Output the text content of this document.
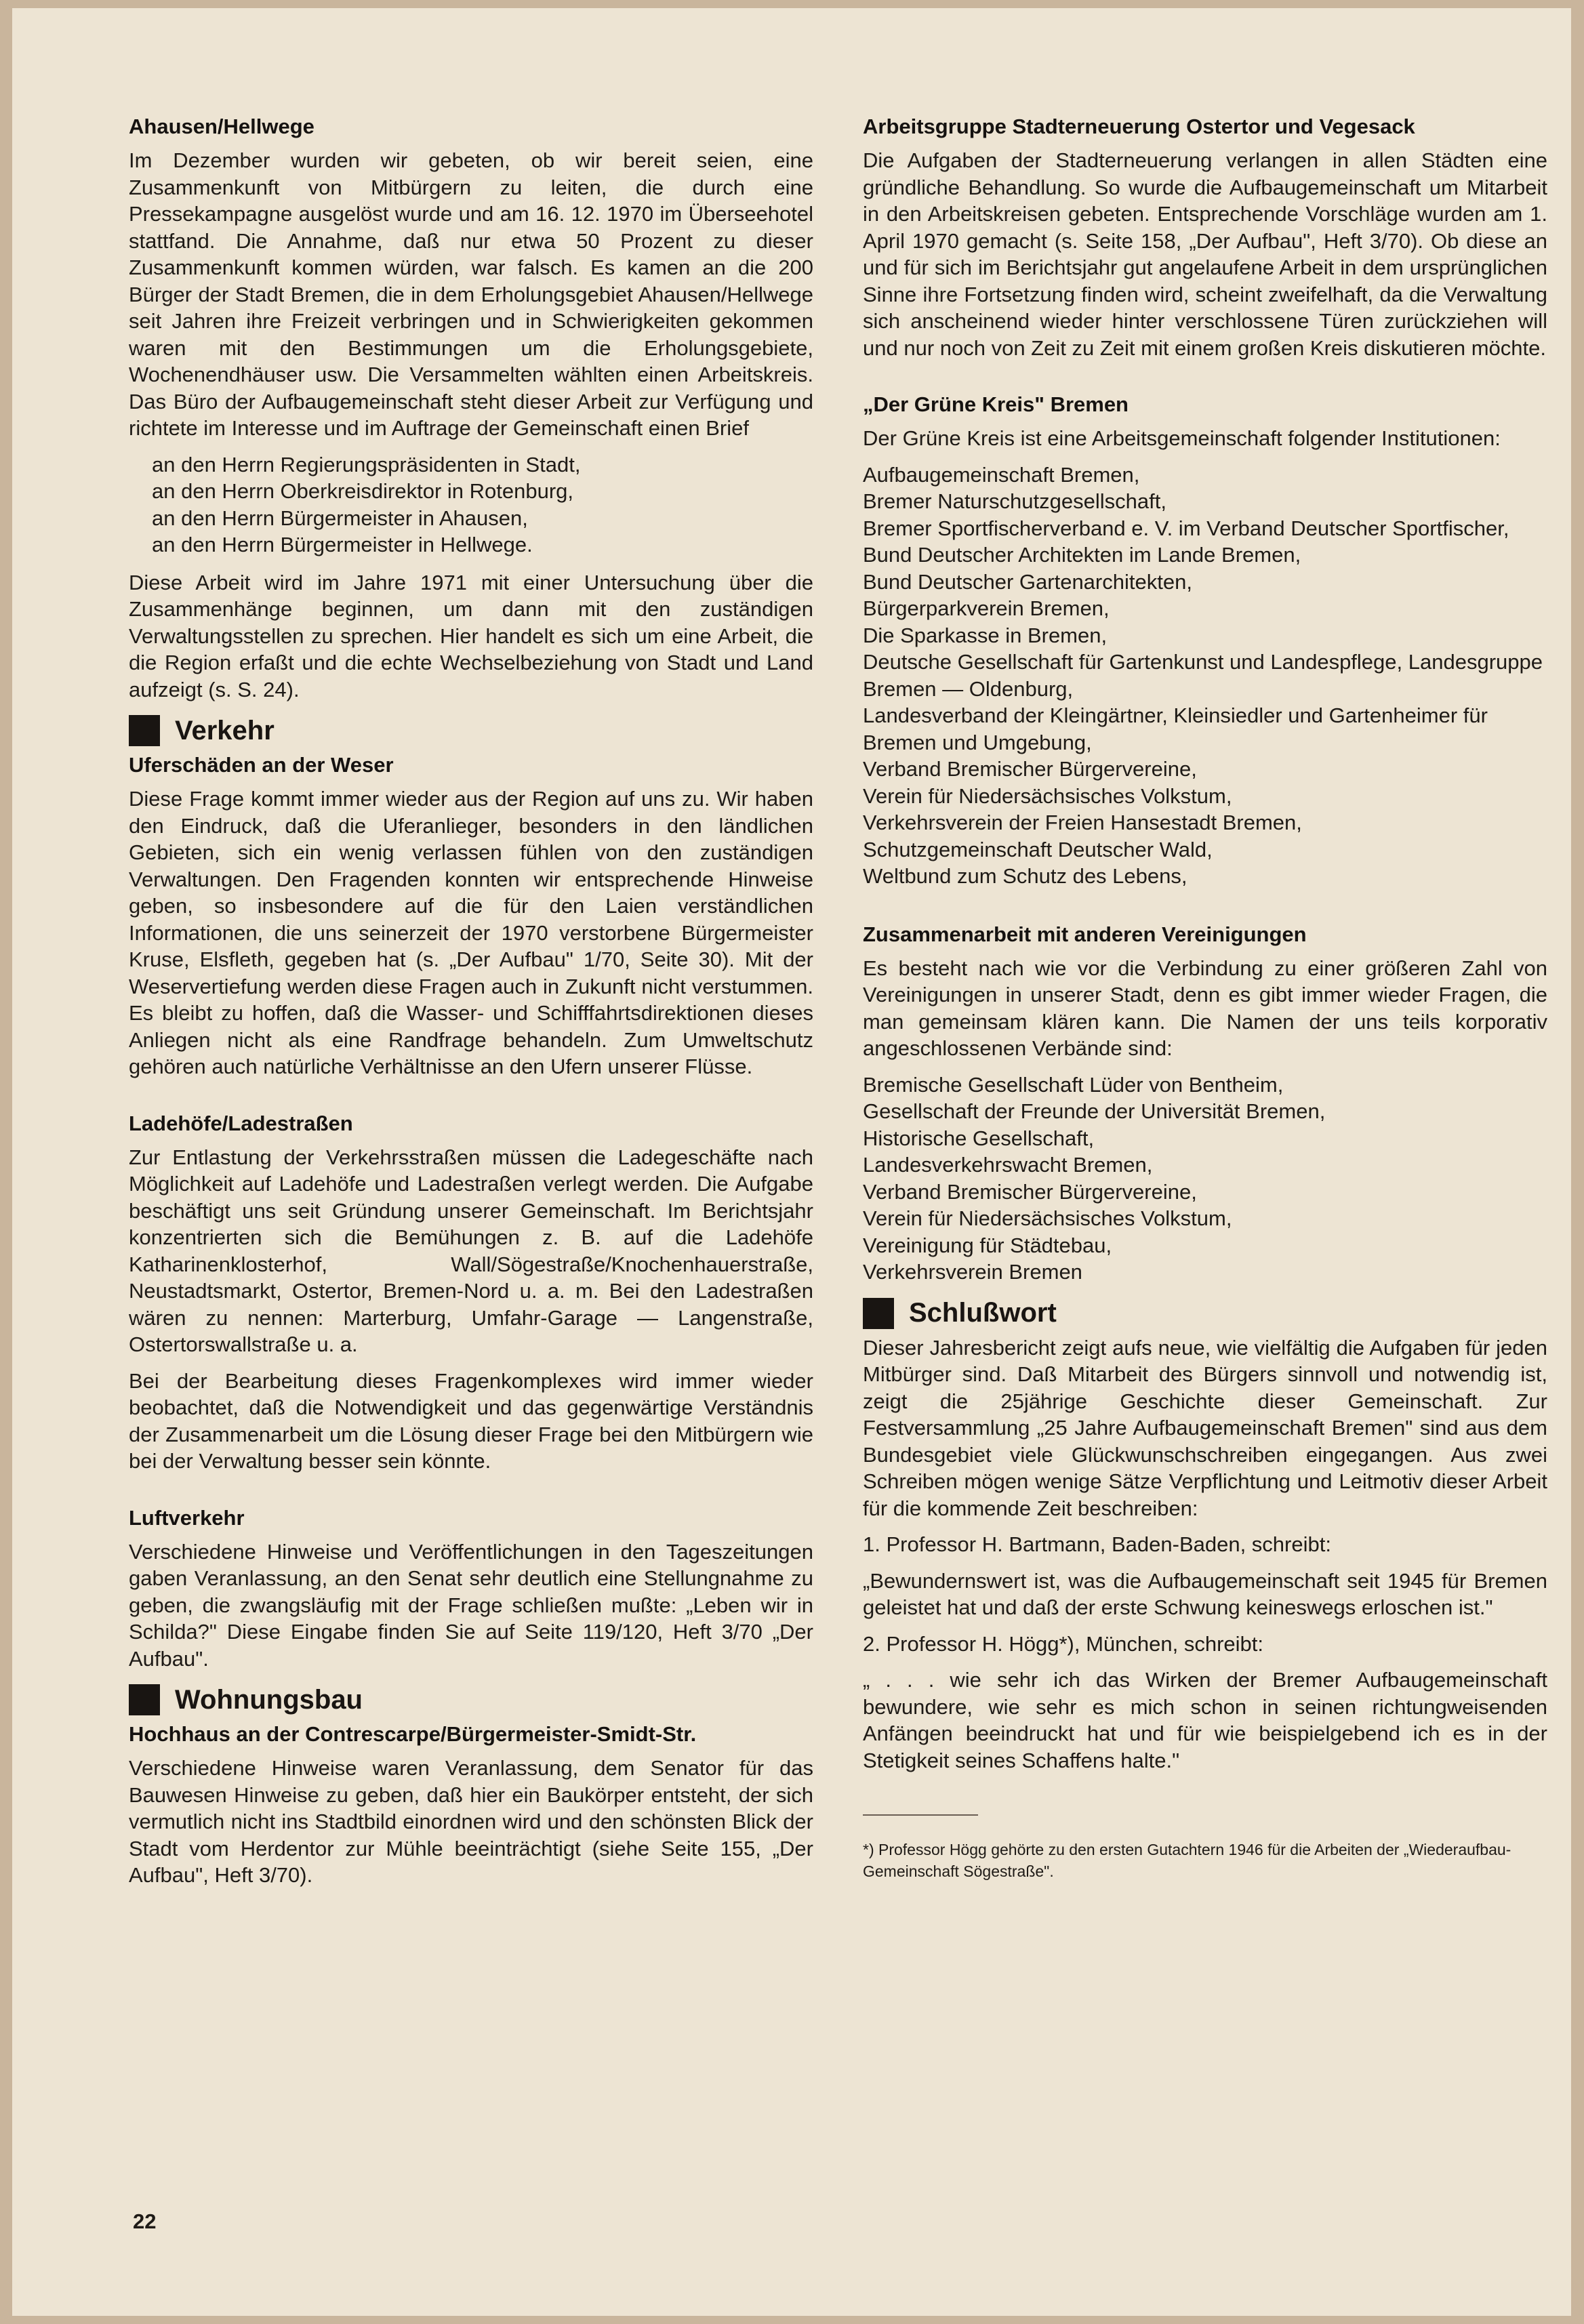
Ahausen/Hellwege

Im Dezember wurden wir gebeten, ob wir bereit seien, eine Zusammenkunft von Mitbürgern zu leiten, die durch eine Pressekampagne ausgelöst wurde und am 16. 12. 1970 im Überseehotel stattfand. Die Annahme, daß nur etwa 50 Prozent zu dieser Zusammenkunft kommen würden, war falsch. Es kamen an die 200 Bürger der Stadt Bremen, die in dem Erholungsgebiet Ahausen/Hellwege seit Jahren ihre Freizeit verbringen und in Schwierigkeiten gekommen waren mit den Bestimmungen um die Erholungsgebiete, Wochenendhäuser usw. Die Versammelten wählten einen Arbeitskreis. Das Büro der Aufbaugemeinschaft steht dieser Arbeit zur Verfügung und richtete im Interesse und im Auftrage der Gemeinschaft einen Brief

an den Herrn Regierungspräsidenten in Stadt,
an den Herrn Oberkreisdirektor in Rotenburg,
an den Herrn Bürgermeister in Ahausen,
an den Herrn Bürgermeister in Hellwege.

Diese Arbeit wird im Jahre 1971 mit einer Untersuchung über die Zusammenhänge beginnen, um dann mit den zuständigen Verwaltungsstellen zu sprechen. Hier handelt es sich um eine Arbeit, die die Region erfaßt und die echte Wechselbeziehung von Stadt und Land aufzeigt (s. S. 24).

Verkehr
Uferschäden an der Weser

Diese Frage kommt immer wieder aus der Region auf uns zu. Wir haben den Eindruck, daß die Uferanlieger, besonders in den ländlichen Gebieten, sich ein wenig verlassen fühlen von den zuständigen Verwaltungen. Den Fragenden konnten wir entsprechende Hinweise geben, so insbesondere auf die für den Laien verständlichen Informationen, die uns seinerzeit der 1970 verstorbene Bürgermeister Kruse, Elsfleth, gegeben hat (s. „Der Aufbau" 1/70, Seite 30). Mit der Weservertiefung werden diese Fragen auch in Zukunft nicht verstummen. Es bleibt zu hoffen, daß die Wasser- und Schifffahrtsdirektionen dieses Anliegen nicht als eine Randfrage behandeln. Zum Umweltschutz gehören auch natürliche Verhältnisse an den Ufern unserer Flüsse.

Ladehöfe/Ladestraßen

Zur Entlastung der Verkehrsstraßen müssen die Ladegeschäfte nach Möglichkeit auf Ladehöfe und Ladestraßen verlegt werden. Die Aufgabe beschäftigt uns seit Gründung unserer Gemeinschaft. Im Berichtsjahr konzentrierten sich die Bemühungen z. B. auf die Ladehöfe Katharinenklosterhof, Wall/Sögestraße/Knochenhauerstraße, Neustadtsmarkt, Ostertor, Bremen-Nord u. a. m. Bei den Ladestraßen wären zu nennen: Marterburg, Umfahr-Garage — Langenstraße, Ostertorswallstraße u. a.

Bei der Bearbeitung dieses Fragenkomplexes wird immer wieder beobachtet, daß die Notwendigkeit und das gegenwärtige Verständnis der Zusammenarbeit um die Lösung dieser Frage bei den Mitbürgern wie bei der Verwaltung besser sein könnte.

Luftverkehr

Verschiedene Hinweise und Veröffentlichungen in den Tageszeitungen gaben Veranlassung, an den Senat sehr deutlich eine Stellungnahme zu geben, die zwangsläufig mit der Frage schließen mußte: „Leben wir in Schilda?" Diese Eingabe finden Sie auf Seite 119/120, Heft 3/70 „Der Aufbau".

Wohnungsbau
Hochhaus an der Contrescarpe/Bürgermeister-Smidt-Str.

Verschiedene Hinweise waren Veranlassung, dem Senator für das Bauwesen Hinweise zu geben, daß hier ein Baukörper entsteht, der sich vermutlich nicht ins Stadtbild einordnen wird und den schönsten Blick der Stadt vom Herdentor zur Mühle beeinträchtigt (siehe Seite 155, „Der Aufbau", Heft 3/70).

Arbeitsgruppe Stadterneuerung Ostertor und Vegesack

Die Aufgaben der Stadterneuerung verlangen in allen Städten eine gründliche Behandlung. So wurde die Aufbaugemeinschaft um Mitarbeit in den Arbeitskreisen gebeten. Entsprechende Vorschläge wurden am 1. April 1970 gemacht (s. Seite 158, „Der Aufbau", Heft 3/70). Ob diese an und für sich im Berichtsjahr gut angelaufene Arbeit in dem ursprünglichen Sinne ihre Fortsetzung finden wird, scheint zweifelhaft, da die Verwaltung sich anscheinend wieder hinter verschlossene Türen zurückziehen will und nur noch von Zeit zu Zeit mit einem großen Kreis diskutieren möchte.

„Der Grüne Kreis" Bremen

Der Grüne Kreis ist eine Arbeitsgemeinschaft folgender Institutionen:

Aufbaugemeinschaft Bremen,
Bremer Naturschutzgesellschaft,
Bremer Sportfischerverband e. V. im Verband Deutscher Sportfischer,
Bund Deutscher Architekten im Lande Bremen,
Bund Deutscher Gartenarchitekten,
Bürgerparkverein Bremen,
Die Sparkasse in Bremen,
Deutsche Gesellschaft für Gartenkunst und Landespflege, Landesgruppe Bremen — Oldenburg,
Landesverband der Kleingärtner, Kleinsiedler und Gartenheimer für Bremen und Umgebung,
Verband Bremischer Bürgervereine,
Verein für Niedersächsisches Volkstum,
Verkehrsverein der Freien Hansestadt Bremen,
Schutzgemeinschaft Deutscher Wald,
Weltbund zum Schutz des Lebens,
Zusammenarbeit mit anderen Vereinigungen

Es besteht nach wie vor die Verbindung zu einer größeren Zahl von Vereinigungen in unserer Stadt, denn es gibt immer wieder Fragen, die man gemeinsam klären kann. Die Namen der uns teils korporativ angeschlossenen Verbände sind:

Bremische Gesellschaft Lüder von Bentheim,
Gesellschaft der Freunde der Universität Bremen,
Historische Gesellschaft,
Landesverkehrswacht Bremen,
Verband Bremischer Bürgervereine,
Verein für Niedersächsisches Volkstum,
Vereinigung für Städtebau,
Verkehrsverein Bremen
Schlußwort

Dieser Jahresbericht zeigt aufs neue, wie vielfältig die Aufgaben für jeden Mitbürger sind. Daß Mitarbeit des Bürgers sinnvoll und notwendig ist, zeigt die 25jährige Geschichte dieser Gemeinschaft. Zur Festversammlung „25 Jahre Aufbaugemeinschaft Bremen" sind aus dem Bundesgebiet viele Glückwunschschreiben eingegangen. Aus zwei Schreiben mögen wenige Sätze Verpflichtung und Leitmotiv dieser Arbeit für die kommende Zeit beschreiben:

1. Professor H. Bartmann, Baden-Baden, schreibt:

„Bewundernswert ist, was die Aufbaugemeinschaft seit 1945 für Bremen geleistet hat und daß der erste Schwung keineswegs erloschen ist."

2. Professor H. Högg*), München, schreibt:

„ . . . wie sehr ich das Wirken der Bremer Aufbaugemeinschaft bewundere, wie sehr es mich schon in seinen richtungweisenden Anfängen beeindruckt hat und für wie beispielgebend ich es in der Stetigkeit seines Schaffens halte."

*) Professor Högg gehörte zu den ersten Gutachtern 1946 für die Arbeiten der „Wiederaufbau-Gemeinschaft Sögestraße".

22
